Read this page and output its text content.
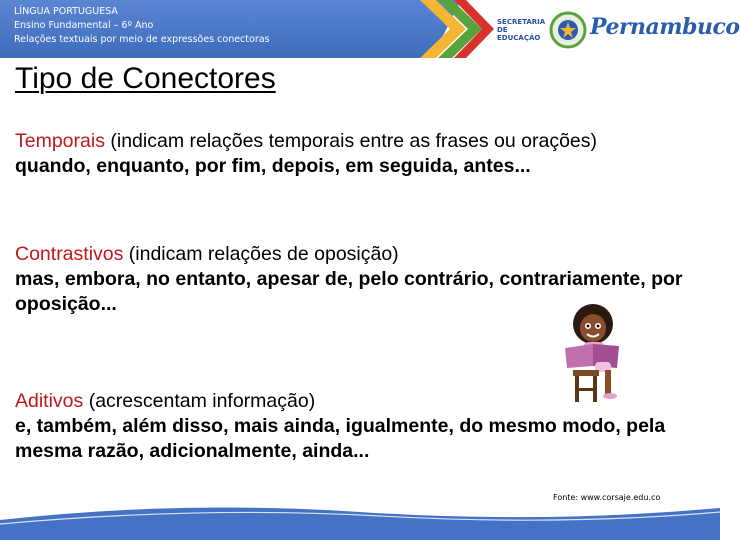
LÍNGUA PORTUGUESA
Ensino Fundamental – 6º Ano
Relações textuais por meio de expressões conectoras
SECRETARIA DE EDUCAÇÃO Pernambuco
Tipo de Conectores
Temporais (indicam relações temporais entre as frases ou orações)
quando, enquanto, por fim, depois, em seguida, antes...
Contrastivos (indicam relações de oposição)
mas, embora, no entanto, apesar de, pelo contrário, contrariamente, por oposição...
Aditivos (acrescentam informação)
e, também, além disso, mais ainda, igualmente, do mesmo modo, pela mesma razão, adicionalmente, ainda...
Fonte: www.corsaje.edu.co
